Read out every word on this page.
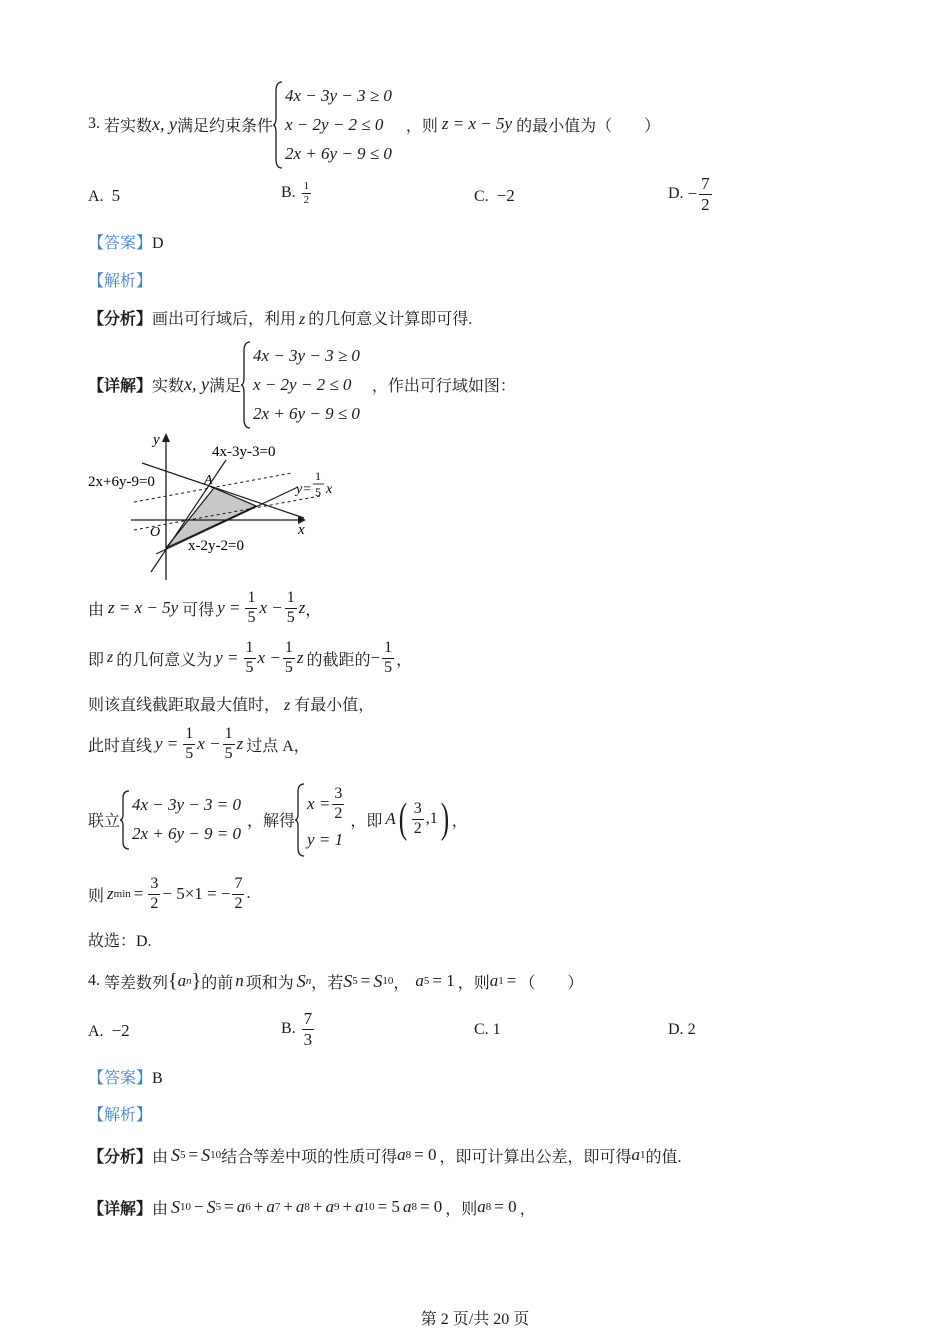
3.
若实数 x, y 满足约束条件
4x − 3y − 3 ≥ 0
x − 2y − 2 ≤ 0
2x + 6y − 9 ≤ 0
，则 z = x − 5y 的最小值为（　　）
A. 5	B.
$\frac{1}{2}$	C. −2	D.
− $\frac{7}{2}$
【答案】D
【解析】
【分析】画出可行域后，利用 z 的几何意义计算即可得.
【详解】 实数 x, y 满足
4x − 3y − 3 ≥ 0
x − 2y − 2 ≤ 0
2x + 6y − 9 ≤ 0
，作出可行域如图：
y
x
O
A
4x-3y-3=0
2x+6y-9=0
x-2y-2=0
y=
1
5 x
由 z = x − 5y 可得 $y = \frac{1}{5}$ $x - \frac{1}{5}$ z ，
即 z 的几何意义为 $y = \frac{1}{5}$ $x - \frac{1}{5}$ z 的截距的 − $\frac{1}{5}$ ，
则该直线截距取最大值时， z 有最小值，
此时直线 $y = \frac{1}{5}$ $x - \frac{1}{5}$ z 过点 A，
联立
4x − 3y − 3 = 0
2x + 6y − 9 = 0
，解得
$x = \frac{3}{2}$
y = 1
，即 A ( $\frac{3}{2} ,1$ ) ，
则 z $\min = \frac{3}{2} - 5\times 1$ = − $\frac{7}{2}$ .
故选：D.
4.
等差数列 { a n } 的前 n 项和为 S n ，若 S 5 = S 10 ， a 5 = 1 ，则 a 1 = （　　）
A. −2	B.
$\frac{7}{3}$	C. 1	D. 2
【答案】B
【解析】
【分析】 由 S 5 = S 10 结合等差中项的性质可得 a 8 = 0 ，即可计算出公差，即可得 a 1 的值.
【详解】 由 S 10 − S 5 = a 6 + a 7 + a 8 + a 9 + a 10 = 5 a 8 = 0 ，则 a 8 = 0 ，
第 2 页/共 20 页
